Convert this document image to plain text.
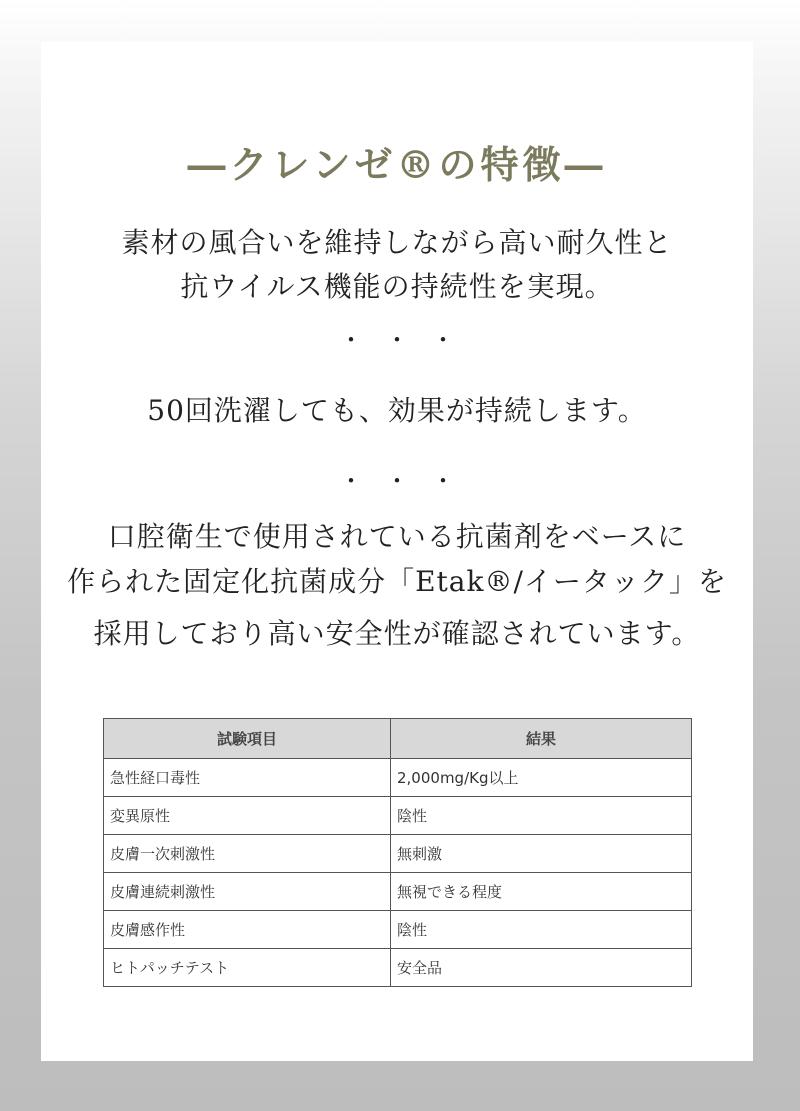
―クレンゼ®の特徴―

素材の風合いを維持しながら高い耐久性と

抗ウイルス機能の持続性を実現。

・・・

50回洗濯しても、効果が持続します。

・・・

口腔衛生で使用されている抗菌剤をベースに

作られた固定化抗菌成分「Etak®/イータック」を

採用しており高い安全性が確認されています。

試験項目	結果
急性経口毒性	2,000mg/Kg以上
変異原性	陰性
皮膚一次刺激性	無刺激
皮膚連続刺激性	無視できる程度
皮膚感作性	陰性
ヒトパッチテスト	安全品
